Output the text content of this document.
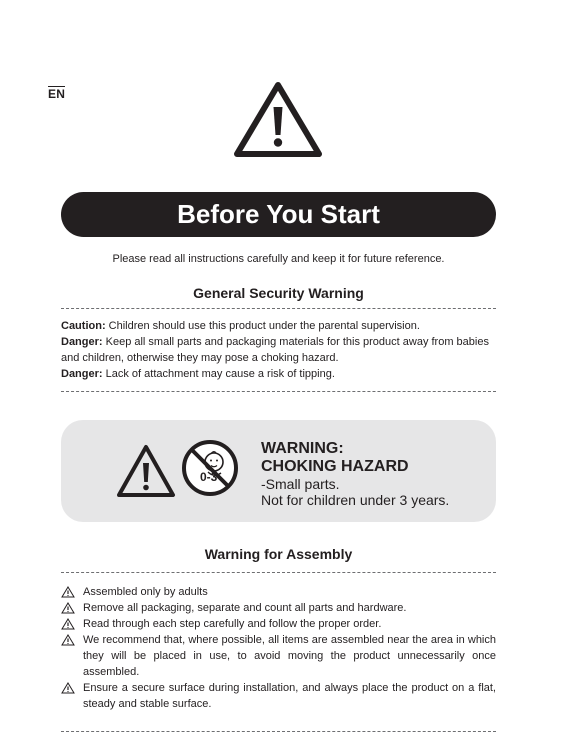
EN
Before You Start
Please read all instructions carefully and keep it for future reference.
General Security Warning

Caution: Children should use this product under the parental supervision.

Danger: Keep all small parts and packaging materials for this product away from babies and children, otherwise they may pose a choking hazard.

Danger: Lack of attachment may cause a risk of tipping.

0-3
WARNING:
CHOKING HAZARD
-Small parts.
Not for children under 3 years.
Warning for Assembly
Assembled only by adults
Remove all packaging, separate and count all parts and hardware.
Read through each step carefully and follow the proper order.
We recommend that, where possible, all items are assembled near the area in which they will be placed in use, to avoid moving the product unnecessarily once assembled.
Ensure a secure surface during installation, and always place the product on a flat, steady and stable surface.
